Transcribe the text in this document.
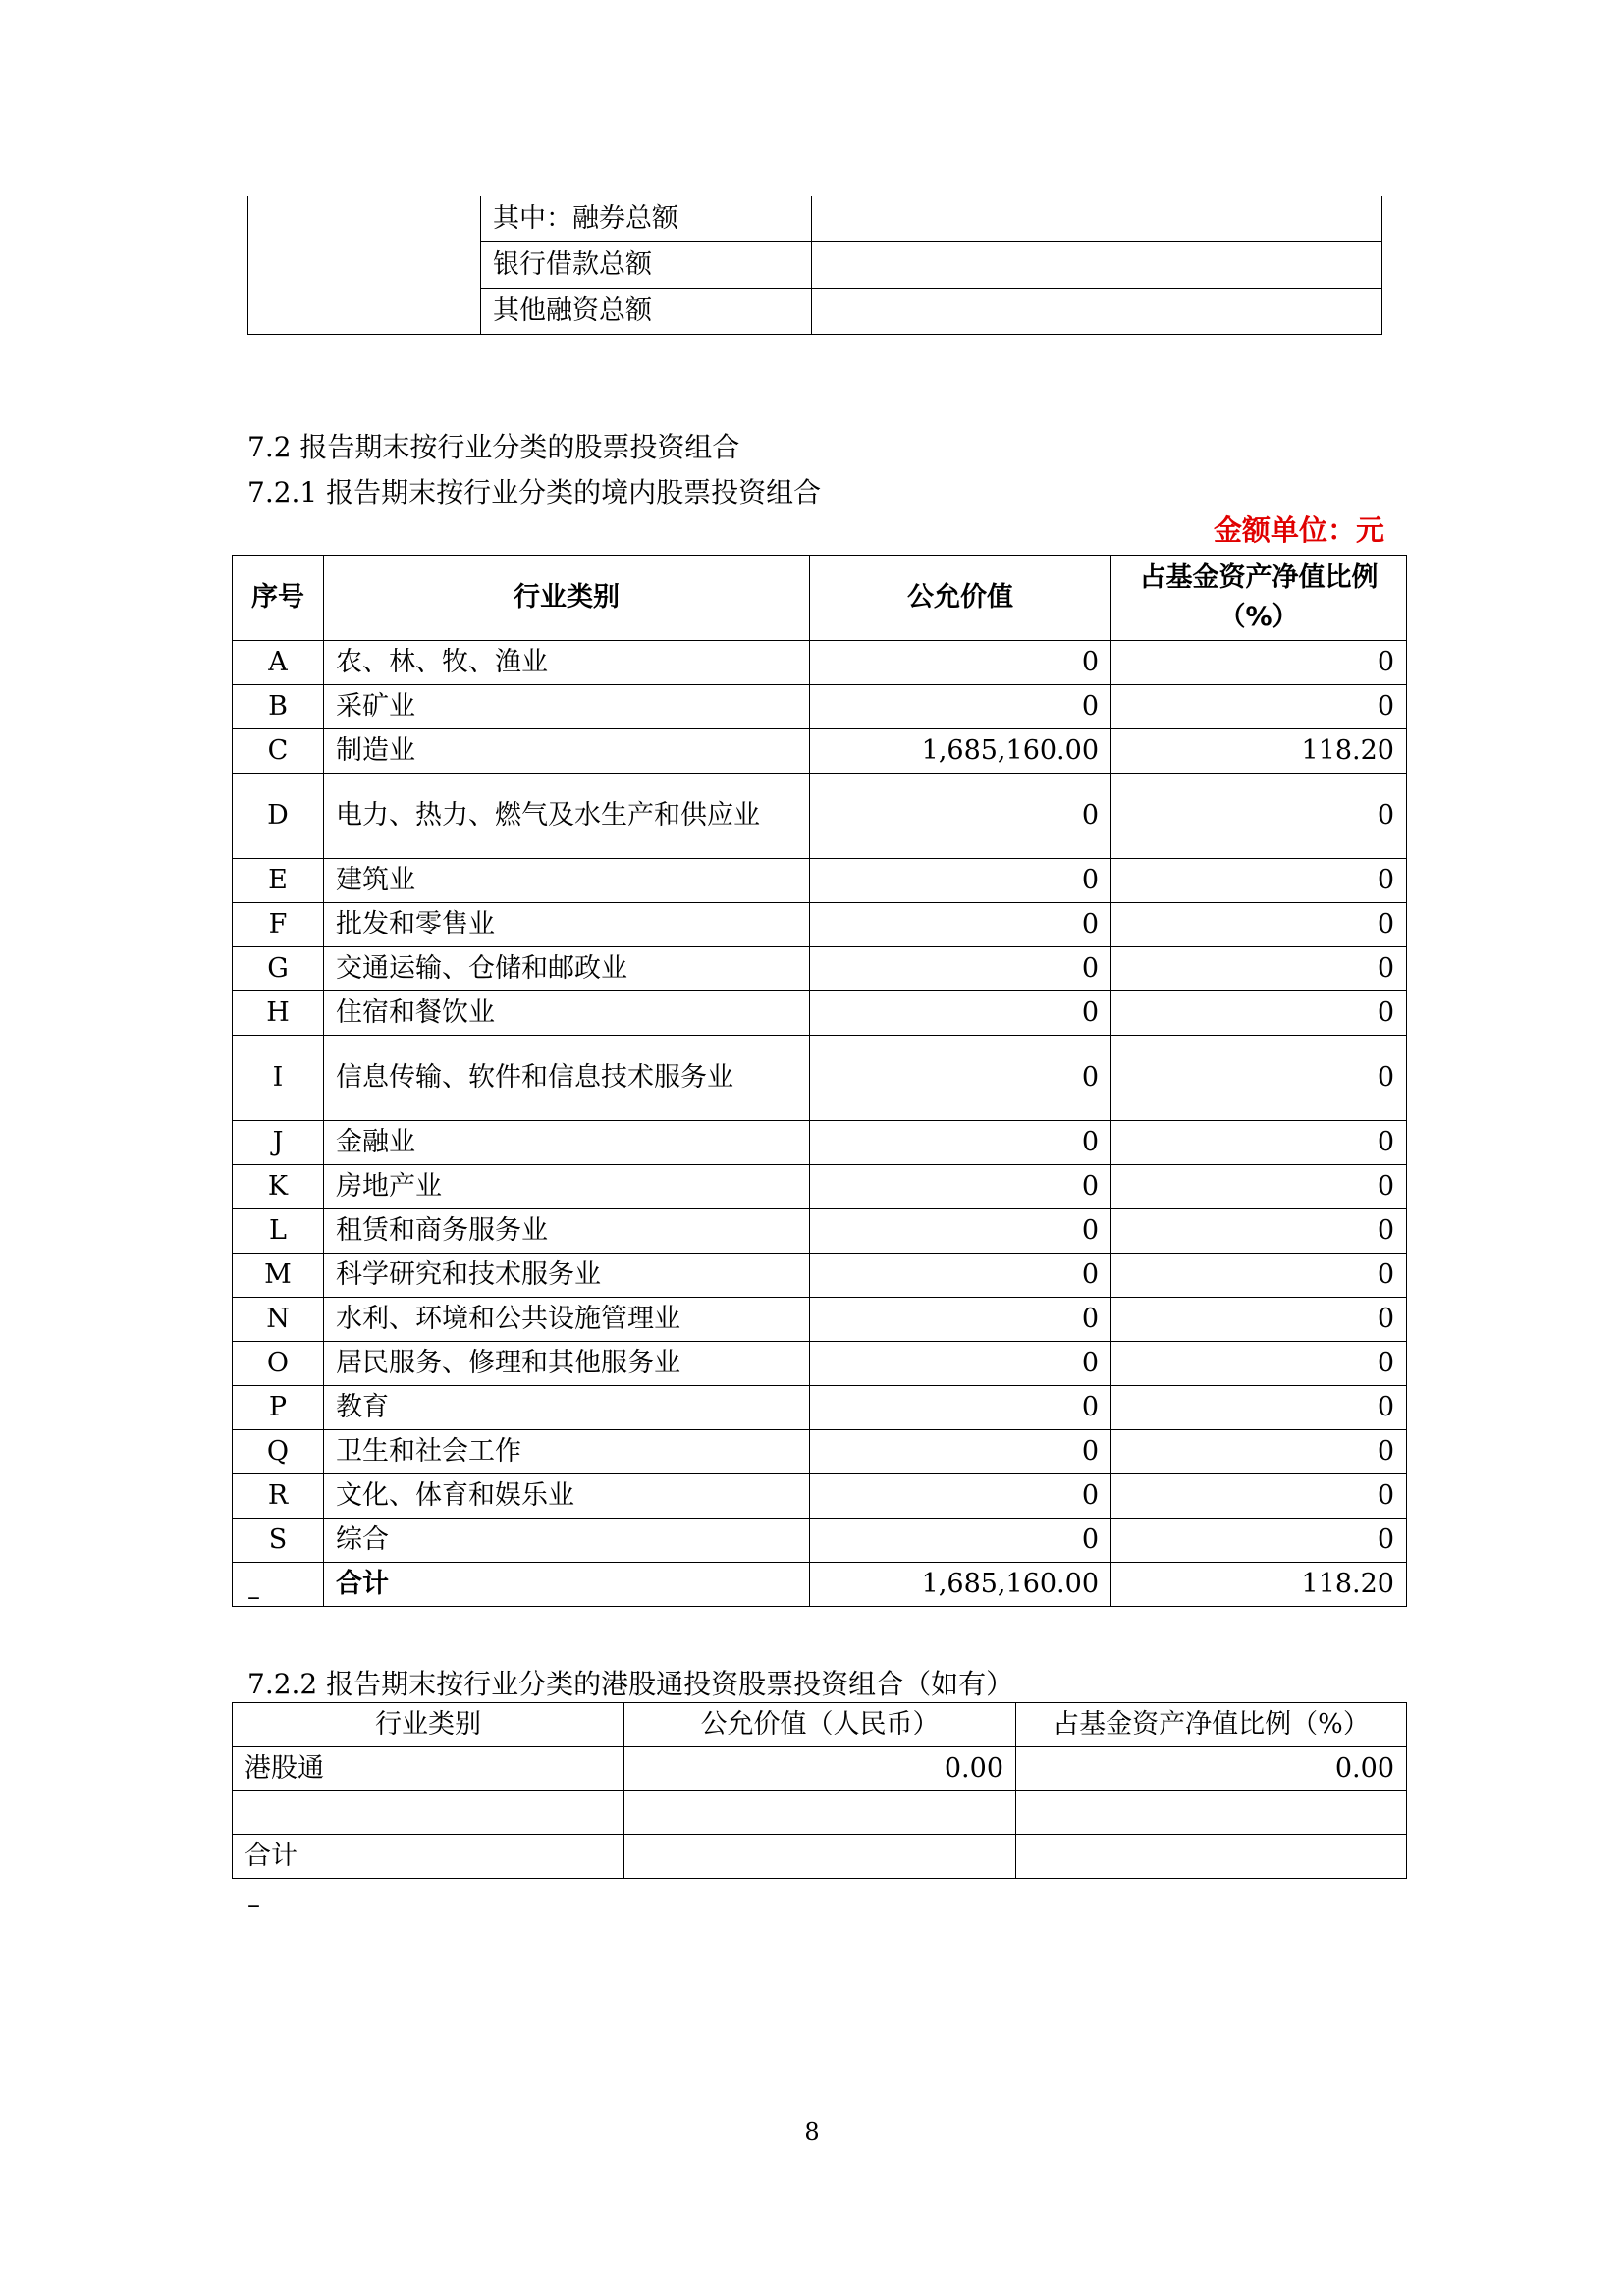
	其中：融券总额	
	银行借款总额	
	其他融资总额	
7.2 报告期末按行业分类的股票投资组合
7.2.1 报告期末按行业分类的境内股票投资组合
金额单位：元
序号	行业类别	公允价值	占基金资产净值比例（%）
A	农、林、牧、渔业	0	0
B	采矿业	0	0
C	制造业	1,685,160.00	118.20
D	电力、热力、燃气及水生产和供应业	0	0
E	建筑业	0	0
F	批发和零售业	0	0
G	交通运输、仓储和邮政业	0	0
H	住宿和餐饮业	0	0
I	信息传输、软件和信息技术服务业	0	0
J	金融业	0	0
K	房地产业	0	0
L	租赁和商务服务业	0	0
M	科学研究和技术服务业	0	0
N	水利、环境和公共设施管理业	0	0
O	居民服务、修理和其他服务业	0	0
P	教育	0	0
Q	卫生和社会工作	0	0
R	文化、体育和娱乐业	0	0
S	综合	0	0
	合计	1,685,160.00	118.20
–
7.2.2 报告期末按行业分类的港股通投资股票投资组合（如有）
行业类别	公允价值（人民币）	占基金资产净值比例（%）
港股通	0.00	0.00

合计		
–
8
